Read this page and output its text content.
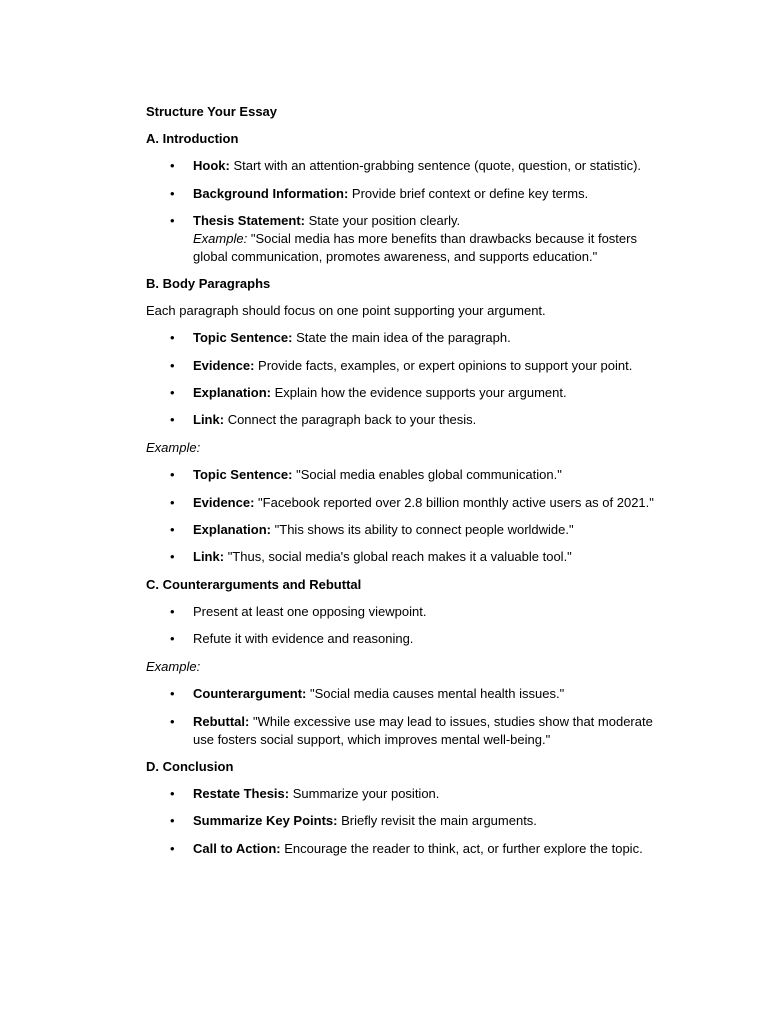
Structure Your Essay
A. Introduction
• Hook: Start with an attention-grabbing sentence (quote, question, or statistic).
• Background Information: Provide brief context or define key terms.
• Thesis Statement: State your position clearly.
Example: "Social media has more benefits than drawbacks because it fosters
global communication, promotes awareness, and supports education."
B. Body Paragraphs
Each paragraph should focus on one point supporting your argument.
• Topic Sentence: State the main idea of the paragraph.
• Evidence: Provide facts, examples, or expert opinions to support your point.
• Explanation: Explain how the evidence supports your argument.
• Link: Connect the paragraph back to your thesis.
Example:
• Topic Sentence: "Social media enables global communication."
• Evidence: "Facebook reported over 2.8 billion monthly active users as of 2021."
• Explanation: "This shows its ability to connect people worldwide."
• Link: "Thus, social media's global reach makes it a valuable tool."
C. Counterarguments and Rebuttal
• Present at least one opposing viewpoint.
• Refute it with evidence and reasoning.
Example:
• Counterargument: "Social media causes mental health issues."
• Rebuttal: "While excessive use may lead to issues, studies show that moderate
use fosters social support, which improves mental well-being."
D. Conclusion
• Restate Thesis: Summarize your position.
• Summarize Key Points: Briefly revisit the main arguments.
• Call to Action: Encourage the reader to think, act, or further explore the topic.
